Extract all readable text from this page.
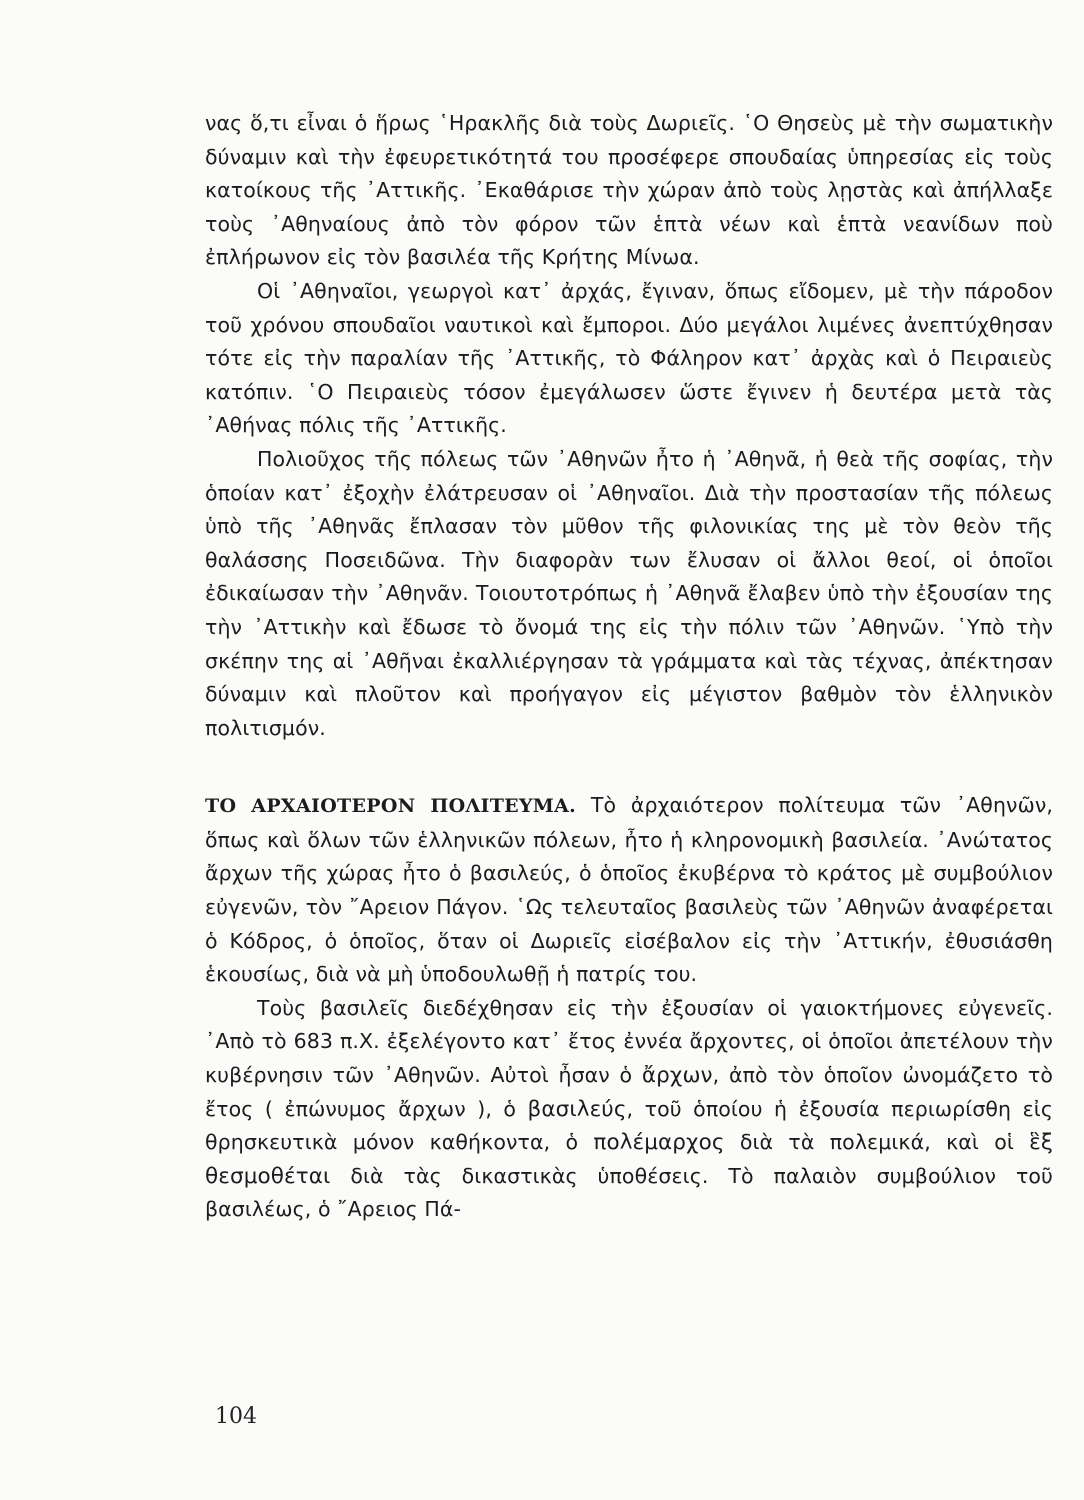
νας ὅ,τι εἶναι ὁ ἥρως ῾Ηρακλῆς διὰ τοὺς Δωριεῖς. ῾Ο Θησεὺς μὲ τὴν σωματικὴν δύναμιν καὶ τὴν ἐφευρετικότητά του προσέφερε σπουδαίας ὑπηρεσίας εἰς τοὺς κατοίκους τῆς ᾿Αττικῆς. ᾿Εκαθάρισε τὴν χώραν ἀπὸ τοὺς λῃστὰς καὶ ἀπήλλαξε τοὺς ᾿Αθηναίους ἀπὸ τὸν φόρον τῶν ἑπτὰ νέων καὶ ἑπτὰ νεανίδων ποὺ ἐπλήρωνον εἰς τὸν βασιλέα τῆς Κρήτης Μίνωα.

Οἱ ᾿Αθηναῖοι, γεωργοὶ κατ᾿ ἀρχάς, ἔγιναν, ὅπως εἴδομεν, μὲ τὴν πάροδον τοῦ χρόνου σπουδαῖοι ναυτικοὶ καὶ ἔμποροι. Δύο μεγάλοι λιμένες ἀνεπτύχθησαν τότε εἰς τὴν παραλίαν τῆς ᾿Αττικῆς, τὸ Φάληρον κατ᾿ ἀρχὰς καὶ ὁ Πειραιεὺς κατόπιν. ῾Ο Πειραιεὺς τόσον ἐμεγάλωσεν ὥστε ἔγινεν ἡ δευτέρα μετὰ τὰς ᾿Αθήνας πόλις τῆς ᾿Αττικῆς.

Πολιοῦχος τῆς πόλεως τῶν ᾿Αθηνῶν ἦτο ἡ ᾿Αθηνᾶ, ἡ θεὰ τῆς σοφίας, τὴν ὁποίαν κατ᾿ ἐξοχὴν ἐλάτρευσαν οἱ ᾿Αθηναῖοι. Διὰ τὴν προστασίαν τῆς πόλεως ὑπὸ τῆς ᾿Αθηνᾶς ἔπλασαν τὸν μῦθον τῆς φιλονικίας της μὲ τὸν θεὸν τῆς θαλάσσης Ποσειδῶνα. Τὴν διαφορὰν των ἔλυσαν οἱ ἄλλοι θεοί, οἱ ὁποῖοι ἐδικαίωσαν τὴν ᾿Αθηνᾶν. Τοιουτοτρόπως ἡ ᾿Αθηνᾶ ἔλαβεν ὑπὸ τὴν ἐξουσίαν της τὴν ᾿Αττικὴν καὶ ἔδωσε τὸ ὄνομά της εἰς τὴν πόλιν τῶν ᾿Αθηνῶν. ῾Υπὸ τὴν σκέπην της αἱ ᾿Αθῆναι ἐκαλλιέργησαν τὰ γράμματα καὶ τὰς τέχνας, ἀπέκτησαν δύναμιν καὶ πλοῦτον καὶ προήγαγον εἰς μέγιστον βαθμὸν τὸν ἑλληνικὸν πολιτισμόν.

ΤΟ ΑΡΧΑΙΟΤΕΡΟΝ ΠΟΛΙΤΕΥΜΑ. Τὸ ἀρχαιότερον πολίτευμα τῶν ᾿Αθηνῶν, ὅπως καὶ ὅλων τῶν ἑλληνικῶν πόλεων, ἦτο ἡ κληρονομικὴ βασιλεία. ᾿Ανώτατος ἄρχων τῆς χώρας ἦτο ὁ βασιλεύς, ὁ ὁποῖος ἐκυβέρνα τὸ κράτος μὲ συμβούλιον εὐγενῶν, τὸν ῎Αρειον Πάγον. ῾Ως τελευταῖος βασιλεὺς τῶν ᾿Αθηνῶν ἀναφέρεται ὁ Κόδρος, ὁ ὁποῖος, ὅταν οἱ Δωριεῖς εἰσέβαλον εἰς τὴν ᾿Αττικήν, ἐθυσιάσθη ἑκουσίως, διὰ νὰ μὴ ὑποδουλωθῇ ἡ πατρίς του.

Τοὺς βασιλεῖς διεδέχθησαν εἰς τὴν ἐξουσίαν οἱ γαιοκτήμονες εὐγενεῖς. ᾿Απὸ τὸ 683 π.Χ. ἐξελέγοντο κατ᾿ ἔτος ἐννέα ἄρχοντες, οἱ ὁποῖοι ἀπετέλουν τὴν κυβέρνησιν τῶν ᾿Αθηνῶν. Αὐτοὶ ἦσαν ὁ ἄρχων, ἀπὸ τὸν ὁποῖον ὠνομάζετο τὸ ἔτος ( ἐπώνυμος ἄρχων ), ὁ βασιλεύς, τοῦ ὁποίου ἡ ἐξουσία περιωρίσθη εἰς θρησκευτικὰ μόνον καθήκοντα, ὁ πολέμαρχος διὰ τὰ πολεμικά, καὶ οἱ ἓξ θεσμοθέται διὰ τὰς δικαστικὰς ὑποθέσεις. Τὸ παλαιὸν συμβούλιον τοῦ βασιλέως, ὁ ῎Αρειος Πά-

104
